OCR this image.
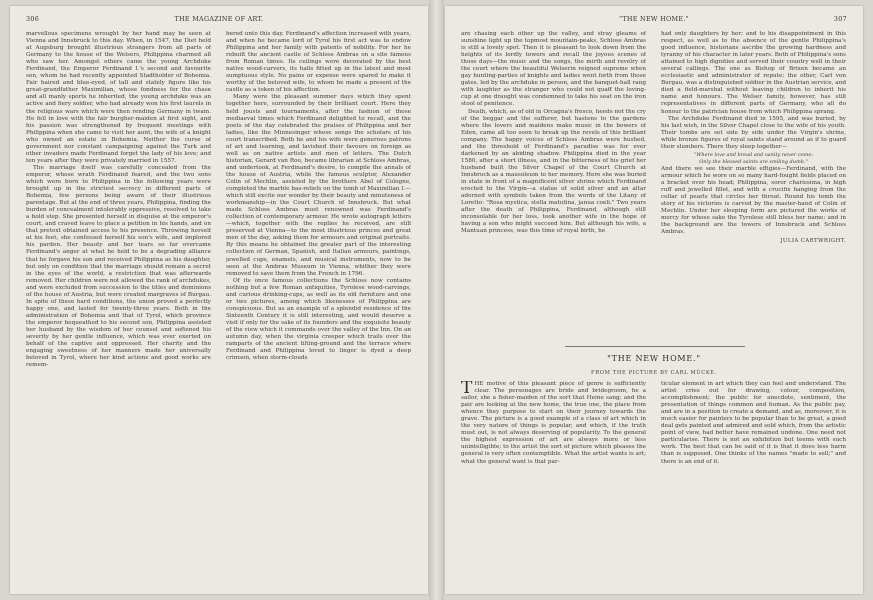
306	THE MAGAZINE OF ART.

marvellous specimens wrought by her hand may be seen at Vienna and Innsbruck to this day. When, in 1547, the Diet held at Augsburg brought illustrious strangers from all parts of Germany to the house of the Welsers, Philippina charmed all who saw her. Amongst others came the young Archduke Ferdinand, the Emperor Ferdinand I.'s second and favourite son, whom he had recently appointed Stadtholder of Bohemia. Fair haired and blue-eyed, of tall and stately figure like his great-grandfather Maximilian, whose fondness for the chase and all manly sports he inherited, the young archduke was an active and fiery soldier, who had already won his first laurels in the religious wars which were then rending Germany in twain. He fell in love with the fair burgher-maiden at first sight, and his passion was strengthened by frequent meetings with Philippina when she came to visit her aunt, the wife of a knight who owned an estate in Bohemia. Neither the curse of government nor constant campaigning against the Turk and other invaders made Ferdinand forget the lady of his love; and ten years after they were privately married in 1557.

The marriage itself was carefully concealed from the emperor, whose wrath Ferdinand feared, and the two sons which were born to Philippina in the following years were brought up in the strictest secrecy in different parts of Bohemia, few persons being aware of their illustrious parentage. But at the end of three years, Philippina, finding the burden of concealment intolerably oppressive, resolved to take a bold step. She presented herself in disguise at the emperor's court, and craved leave to place a petition in his hands, and on that pretext obtained access to his presence. Throwing herself at his feet, she confessed herself his son's wife, and implored his pardon. Her beauty and her tears so far overcame Ferdinand's anger at what he held to be a degrading alliance that he forgave his son and received Philippina as his daughter, but only on condition that the marriage should remain a secret in the eyes of the world, a restriction that was afterwards removed. Her children were not allowed the rank of archdukes, and were excluded from succession to the titles and dominions of the house of Austria, but were created margraves of Burgau. In spite of these hard conditions, the union proved a perfectly happy one, and lasted for twenty-three years. Both in the administration of Bohemia and that of Tyrol, which province the emperor bequeathed to his second son, Philippina assisted her husband by the wisdom of her counsel and softened his severity by her gentle influence, which was ever exerted on behalf of the captive and oppressed. Her charity and the engaging sweetness of her manners made her universally beloved in Tyrol, where her kind actions and good works are remem-

bered unto this day. Ferdinand's affection increased with years, and when he became lord of Tyrol his first act was to endow Philippina and her family with patents of nobility. For her he rebuilt the ancient castle of Schloss Ambras on a site famous from Roman times. Its ceilings were decorated by the best native wood-carvers, its halls fitted up in the latest and most sumptuous style. No pains or expense were spared to make it worthy of the beloved wife, to whom he made a present of the castle as a token of his affection.

Many were the pleasant summer days which they spent together here, surrounded by their brilliant court. Here they held jousts and tournaments, after the fashion of those mediaeval times which Ferdinand delighted to recall, and the poets of the day celebrated the praises of Philippina and her ladies, like the Minnesinger whose songs the scholars of his court transcribed. Both he and his wife were generous patrons of art and learning, and lavished their favours on foreign as well as on native artists and men of letters. The Dutch historian, Gerard van Roo, became librarian at Schloss Ambras, and undertook, at Ferdinand's desire, to compile the annals of the house of Austria, while the famous sculptor, Alexander Colin of Mechlin, assisted by the brothers Abel of Cologne, completed the marble bas-reliefs on the tomb of Maximilian I.—which still excite our wonder by their beauty and minuteness of workmanship—in the Court Church of Innsbruck. But what made Schloss Ambras most renowned was Ferdinand's collection of contemporary armour. He wrote autograph letters—which, together with the replies he received, are still preserved at Vienna—to the most illustrious princes and great men of the day, asking them for armours and original portraits. By this means he obtained the greater part of the interesting collection of German, Spanish, and Italian armours, paintings, jewelled cups, enamels, and musical instruments, now to be seen at the Ambras Museum in Vienna, whither they were removed to save them from the French in 1796.

Of its once famous collections the Schloss now contains nothing but a few Roman antiquities, Tyrolese wood-carvings, and curious drinking-cups, as well as its old furniture and one or two pictures, among which likenesses of Philippina are conspicuous. But as an example of a splendid residence of the Sixteenth Century it is still interesting, and would deserve a visit if only for the sake of its founders and the exquisite beauty of the view which it commands over the valley of the Inn. On an autumn day, when the virginia creeper which trails over the ramparts of the ancient tilting-ground and the terrace where Ferdinand and Philippina loved to linger is dyed a deep crimson, when storm-clouds

"THE NEW HOME."	307

are chasing each other up the valley, and stray gleams of sunshine light up the topmost mountain-peaks, Schloss Ambras is still a lovely spot. Then it is pleasant to look down from the heights of its lordly towers and recall the joyous scenes of those days—the music and the songs, the mirth and revelry of the court where the beautiful Welserin reigned supreme when gay hunting-parties of knights and ladies went forth from those gates, led by the archduke in person, and the banquet-hall rang with laughter as the stranger who could not quaff the loving-cup at one draught was condemned to take his seat on the iron stool of penitence.

Death, which, as of old in Orcagna's fresco, heeds not the cry of the beggar and the sufferer, but hastens to the gardens where the lovers and maidens make music in the bowers of Eden, came all too soon to break up the revels of this brilliant company. The happy voices of Schloss Ambras were hushed, and the threshold of Ferdinand's paradise was for ever darkened by an abiding shadow. Philippina died in the year 1580, after a short illness, and in the bitterness of his grief her husband built the Silver Chapel of the Court Church at Innsbruck as a mausoleum to her memory. Here she was buried in state in front of a magnificent silver shrine which Ferdinand erected to the Virgin—a statue of solid silver and an altar adorned with symbols taken from the words of the Litany of Loretto: "Rosa mystica, stella matutina, janua coeli." Two years after the death of Philippina, Ferdinand, although still inconsolable for her loss, took another wife in the hope of having a son who might succeed him. But although his wife, a Mantuan princess, was this time of royal birth, he

had only daughters by her; and to his disappointment in this respect, as well as to the absence of the gentle Philippina's good influence, historians ascribe the growing hardness and tyranny of his character in later years. Both of Philippina's sons attained to high dignities and served their country well in their several callings. The one as Bishop of Brixen became an ecclesiastic and administrator of repute; the other, Carl von Burgau, was a distinguished soldier in the Austrian service, and died a field-marshal without leaving children to inherit his name and honours. The Welser family, however, has still representatives in different parts of Germany, who all do honour to the patrician house from which Philippina sprang.

The Archduke Ferdinand died in 1595, and was buried, by his last wish, in the Silver Chapel close to the wife of his youth. Their tombs are set side by side under the Virgin's shrine, while bronze figures of royal saints stand around as if to guard their slumbers. There they sleep together—

"Where love and bread and vanity never come;
Only the blessed saints are smiling dumb."

And there we see their marble effigies—Ferdinand, with the armour which he wore on so many hard-fought fields placed on a bracket over his head; Philippina, soror charissima, in high ruff and jewelled fillet, and with a crucifix hanging from the collar of pearls that circles her throat. Round his tomb the story of his victories is carved by the master-hand of Colin of Mechlin. Under her sleeping form are pictured the works of mercy for whose sake the Tyrolese still bless her name; and in the background are the towers of Innsbruck and Schloss Ambras.

JULIA CARTWRIGHT.
"THE NEW HOME."
FROM THE PICTURE BY CARL MÜCKE.

THE motive of this pleasant piece of genre is sufficiently clear. The personages are bride and bridegroom, he a sailor, she a fisher-maiden of the sort that Heine sang; and the pair are looking at the new home, the true one, the place from whence they purpose to start on their journey towards the grave. The picture is a good example of a class of art which in the very nature of things is popular, and which, if the truth must out, is not always deserving of popularity. To the general the highest expression of art are always more or less unintelligible; to the artist the sort of picture which pleases the general is very often contemptible. What the artist wants is art; what the general want is that par-

ticular element in art which they can feel and understand. The artist cries out for drawing, colour, composition, accomplishment; the public for anecdote, sentiment, the presentation of things common and human. As the public pay, and are in a position to create a demand, and as, moreover, it is much easier for painters to be popular than to be great, a good deal gets painted and admired and sold which, from the artistic point of view, had better have remained undone. One need not particularise. There is not an exhibition but teems with such work. The best that can be said of it is that it does less harm than is supposed. One thinks of the names "made to sell;" and there is an end of it.
